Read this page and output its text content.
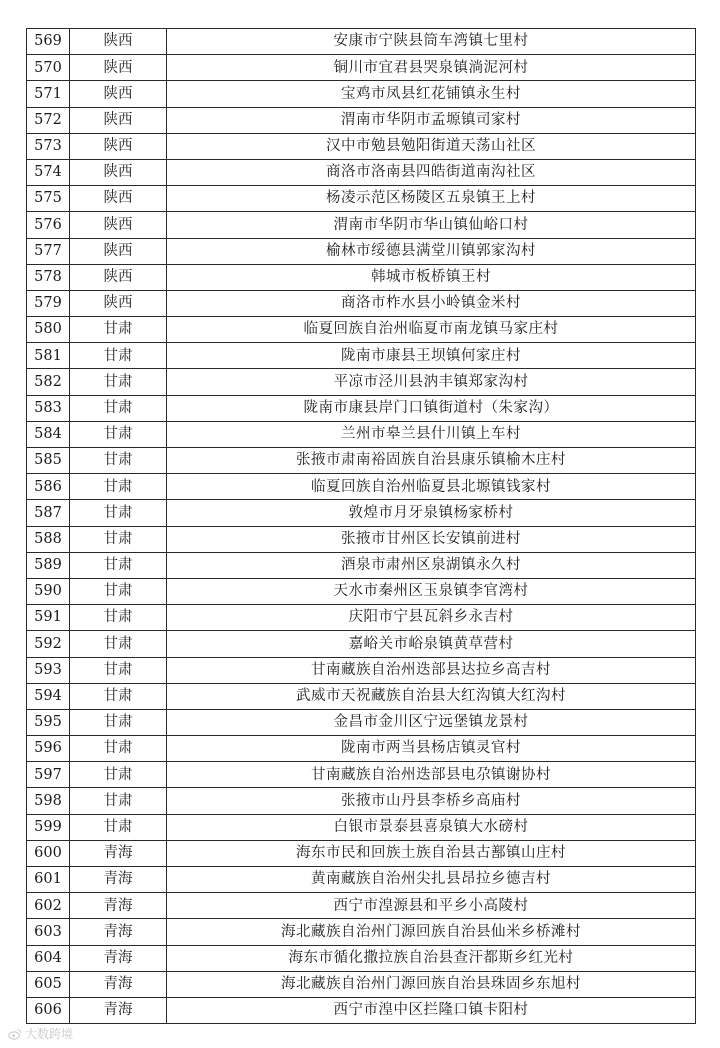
569	陕西	安康市宁陕县筒车湾镇七里村
570	陕西	铜川市宜君县哭泉镇淌泥河村
571	陕西	宝鸡市凤县红花铺镇永生村
572	陕西	渭南市华阴市孟塬镇司家村
573	陕西	汉中市勉县勉阳街道天荡山社区
574	陕西	商洛市洛南县四皓街道南沟社区
575	陕西	杨凌示范区杨陵区五泉镇王上村
576	陕西	渭南市华阴市华山镇仙峪口村
577	陕西	榆林市绥德县满堂川镇郭家沟村
578	陕西	韩城市板桥镇王村
579	陕西	商洛市柞水县小岭镇金米村
580	甘肃	临夏回族自治州临夏市南龙镇马家庄村
581	甘肃	陇南市康县王坝镇何家庄村
582	甘肃	平凉市泾川县汭丰镇郑家沟村
583	甘肃	陇南市康县岸门口镇街道村（朱家沟）
584	甘肃	兰州市皋兰县什川镇上车村
585	甘肃	张掖市肃南裕固族自治县康乐镇榆木庄村
586	甘肃	临夏回族自治州临夏县北塬镇钱家村
587	甘肃	敦煌市月牙泉镇杨家桥村
588	甘肃	张掖市甘州区长安镇前进村
589	甘肃	酒泉市肃州区泉湖镇永久村
590	甘肃	天水市秦州区玉泉镇李官湾村
591	甘肃	庆阳市宁县瓦斜乡永吉村
592	甘肃	嘉峪关市峪泉镇黄草营村
593	甘肃	甘南藏族自治州迭部县达拉乡高吉村
594	甘肃	武威市天祝藏族自治县大红沟镇大红沟村
595	甘肃	金昌市金川区宁远堡镇龙景村
596	甘肃	陇南市两当县杨店镇灵官村
597	甘肃	甘南藏族自治州迭部县电尕镇谢协村
598	甘肃	张掖市山丹县李桥乡高庙村
599	甘肃	白银市景泰县喜泉镇大水磅村
600	青海	海东市民和回族土族自治县古鄯镇山庄村
601	青海	黄南藏族自治州尖扎县昂拉乡德吉村
602	青海	西宁市湟源县和平乡小高陵村
603	青海	海北藏族自治州门源回族自治县仙米乡桥滩村
604	青海	海东市循化撒拉族自治县查汗都斯乡红光村
605	青海	海北藏族自治州门源回族自治县珠固乡东旭村
606	青海	西宁市湟中区拦隆口镇卡阳村
大数跨境
